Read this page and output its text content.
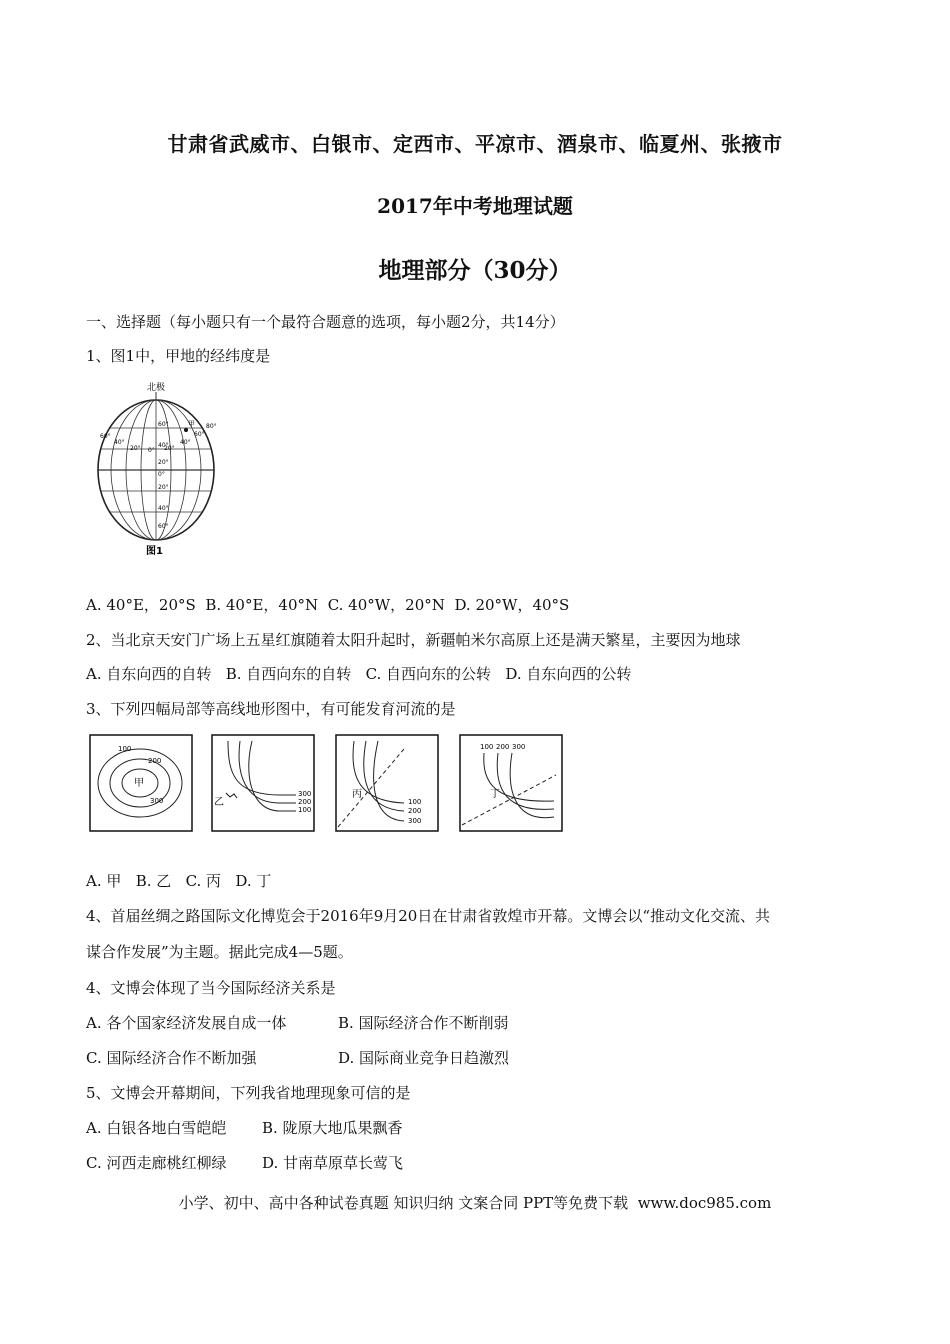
甘肃省武威市、白银市、定西市、平凉市、酒泉市、临夏州、张掖市
2017年中考地理试题
地理部分（30分）
一、选择题（每小题只有一个最符合题意的选项，每小题2分，共14分）
1、图1中，甲地的经纬度是
北极
60°
40°
20° 0° 20°
40°
60°
80°
60°
40°
20°
0°
20°
40°
60°
甲
图1
A. 40°E，20°S B. 40°E，40°N C. 40°W，20°N D. 20°W，40°S
2、当北京天安门广场上五星红旗随着太阳升起时，新疆帕米尔高原上还是满天繁星，主要因为地球
A. 自东向西的自转 B. 自西向东的自转 C. 自西向东的公转 D. 自东向西的公转
3、下列四幅局部等高线地形图中，有可能发育河流的是
100
200
300
甲
300
200
100
乙	100
200
300
丙
100 200 300
丁
A. 甲 B. 乙 C. 丙 D. 丁
4、首届丝绸之路国际文化博览会于2016年9月20日在甘肃省敦煌市开幕。文博会以“推动文化交流、共
谋合作发展”为主题。据此完成4—5题。
4、文博会体现了当今国际经济关系是
A. 各个国家经济发展自成一体	B. 国际经济合作不断削弱
C. 国际经济合作不断加强	D. 国际商业竞争日趋激烈
5、文博会开幕期间，下列我省地理现象可信的是
A. 白银各地白雪皑皑 B. 陇原大地瓜果飘香
C. 河西走廊桃红柳绿 D. 甘南草原草长莺飞
小学、初中、高中各种试卷真题 知识归纳 文案合同 PPT等免费下载 www.doc985.com
